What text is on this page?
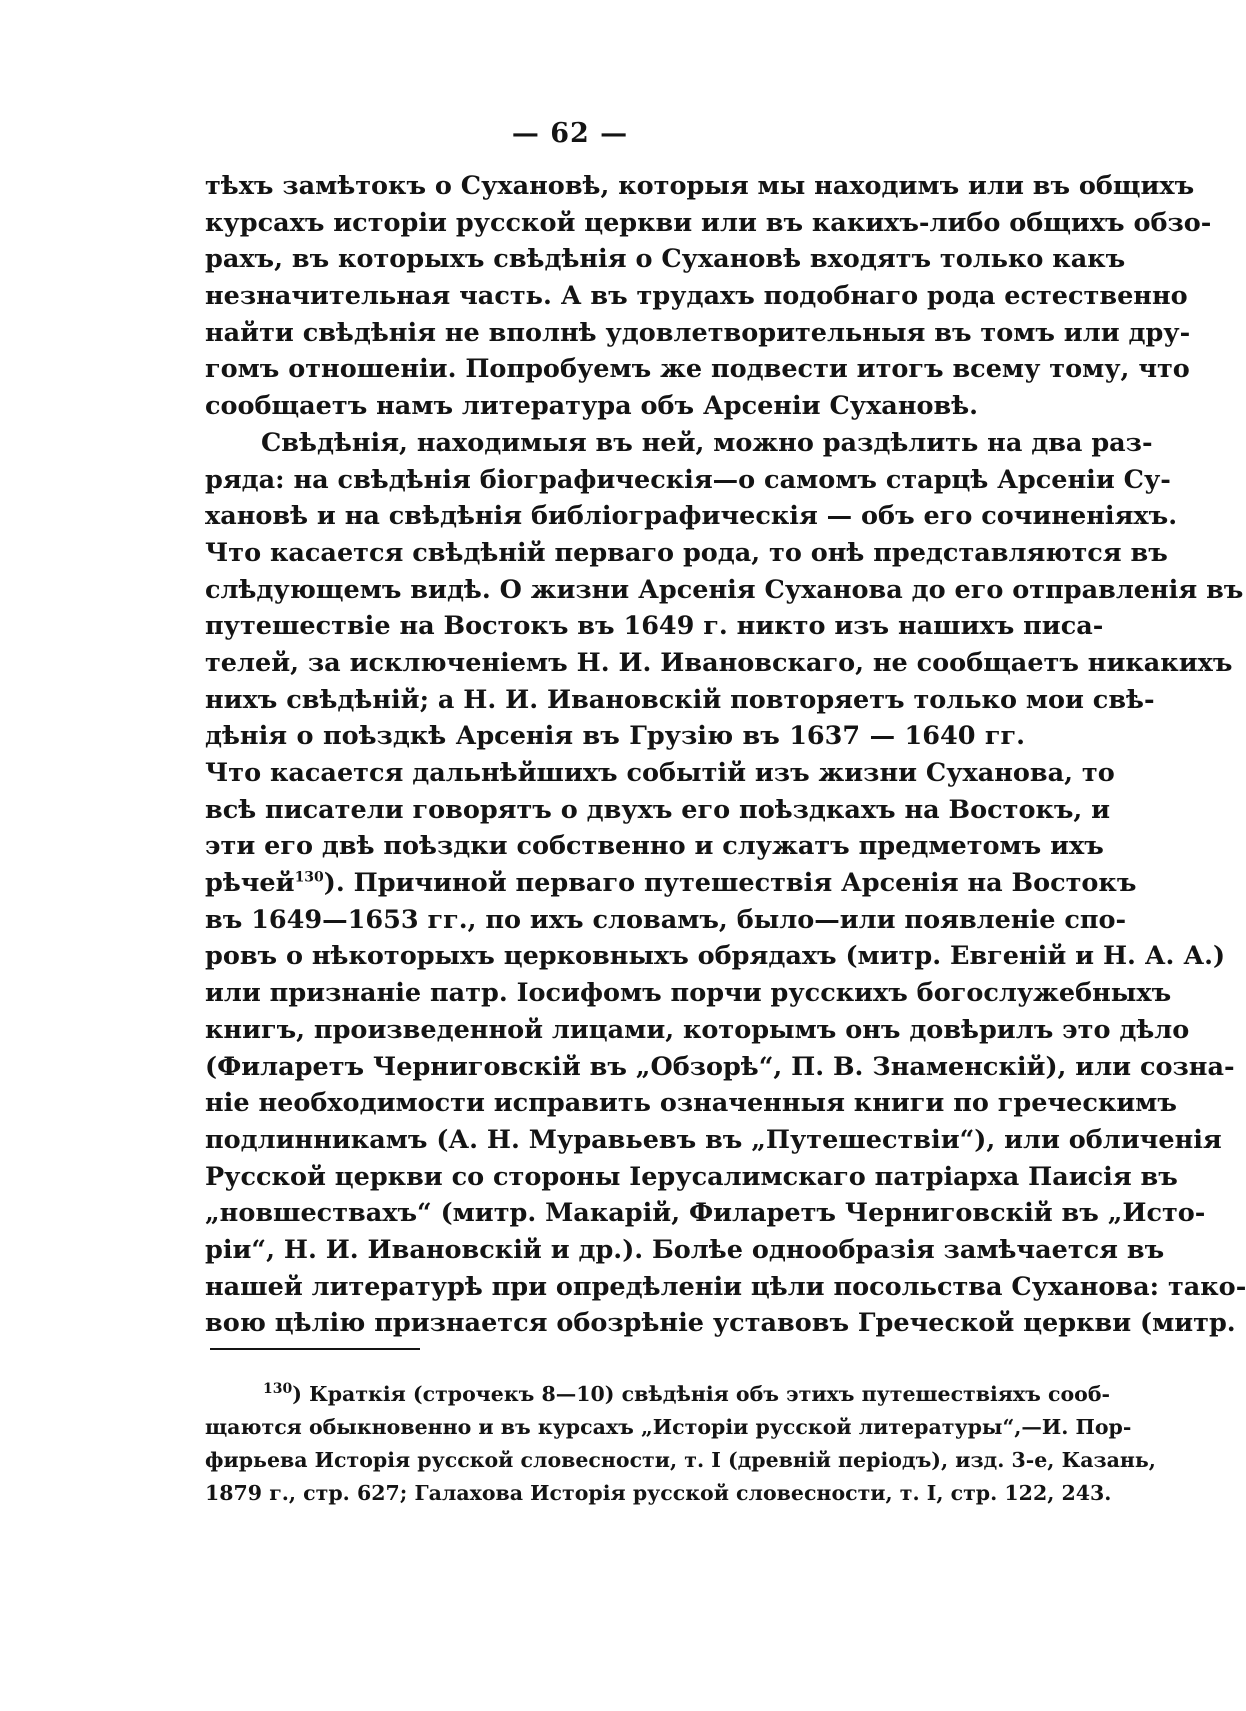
— 62 —
тѣхъ замѣтокъ о Сухановѣ, которыя мы находимъ или въ общихъ
курсахъ исторіи русской церкви или въ какихъ-либо общихъ обзо-
рахъ, въ которыхъ свѣдѣнія о Сухановѣ входятъ только какъ
незначительная часть. А въ трудахъ подобнаго рода естественно
найти свѣдѣнія не вполнѣ удовлетворительныя въ томъ или дру-
гомъ отношеніи. Попробуемъ же подвести итогъ всему тому, что
сообщаетъ намъ литература объ Арсеніи Сухановѣ.
Свѣдѣнія, находимыя въ ней, можно раздѣлить на два раз-
ряда: на свѣдѣнія біографическія—о самомъ старцѣ Арсеніи Су-
хановѣ и на свѣдѣнія библіографическія — объ его сочиненіяхъ.
Что касается свѣдѣній перваго рода, то онѣ представляются въ
слѣдующемъ видѣ. О жизни Арсенія Суханова до его отправленія въ
путешествіе на Востокъ въ 1649 г. никто изъ нашихъ писа-
телей, за исключеніемъ Н. И. Ивановскаго, не сообщаетъ никакихъ
нихъ свѣдѣній; а Н. И. Ивановскій повторяетъ только мои свѣ-
дѣнія о поѣздкѣ Арсенія въ Грузію въ 1637 — 1640 гг.
Что касается дальнѣйшихъ событій изъ жизни Суханова, то
всѣ писатели говорятъ о двухъ его поѣздкахъ на Востокъ, и
эти его двѣ поѣздки собственно и служатъ предметомъ ихъ
рѣчей$^{130}$). Причиной перваго путешествія Арсенія на Востокъ
въ 1649—1653 гг., по ихъ словамъ, было—или появленіе спо-
ровъ о нѣкоторыхъ церковныхъ обрядахъ (митр. Евгеній и Н. А. А.)
или признаніе патр. Іосифомъ порчи русскихъ богослужебныхъ
книгъ, произведенной лицами, которымъ онъ довѣрилъ это дѣло
(Филаретъ Черниговскій въ „Обзорѣ“, П. В. Знаменскій), или созна-
ніе необходимости исправить означенныя книги по греческимъ
подлинникамъ (А. Н. Муравьевъ въ „Путешествіи“), или обличенія
Русской церкви со стороны Іерусалимскаго патріарха Паисія въ
„новшествахъ“ (митр. Макарій, Филаретъ Черниговскій въ „Исто-
ріи“, Н. И. Ивановскій и др.). Болѣе однообразія замѣчается въ
нашей литературѣ при опредѣленіи цѣли посольства Суханова: тако-
вою цѣлію признается обозрѣніе уставовъ Греческой церкви (митр.
$^{130}$) Краткія (строчекъ 8—10) свѣдѣнія объ этихъ путешествіяхъ сооб-
щаются обыкновенно и въ курсахъ „Исторіи русской литературы“,—И. Пор-
фирьева Исторія русской словесности, т. I (древній періодъ), изд. 3-е, Казань,
1879 г., стр. 627; Галахова Исторія русской словесности, т. I, стр. 122, 243.
